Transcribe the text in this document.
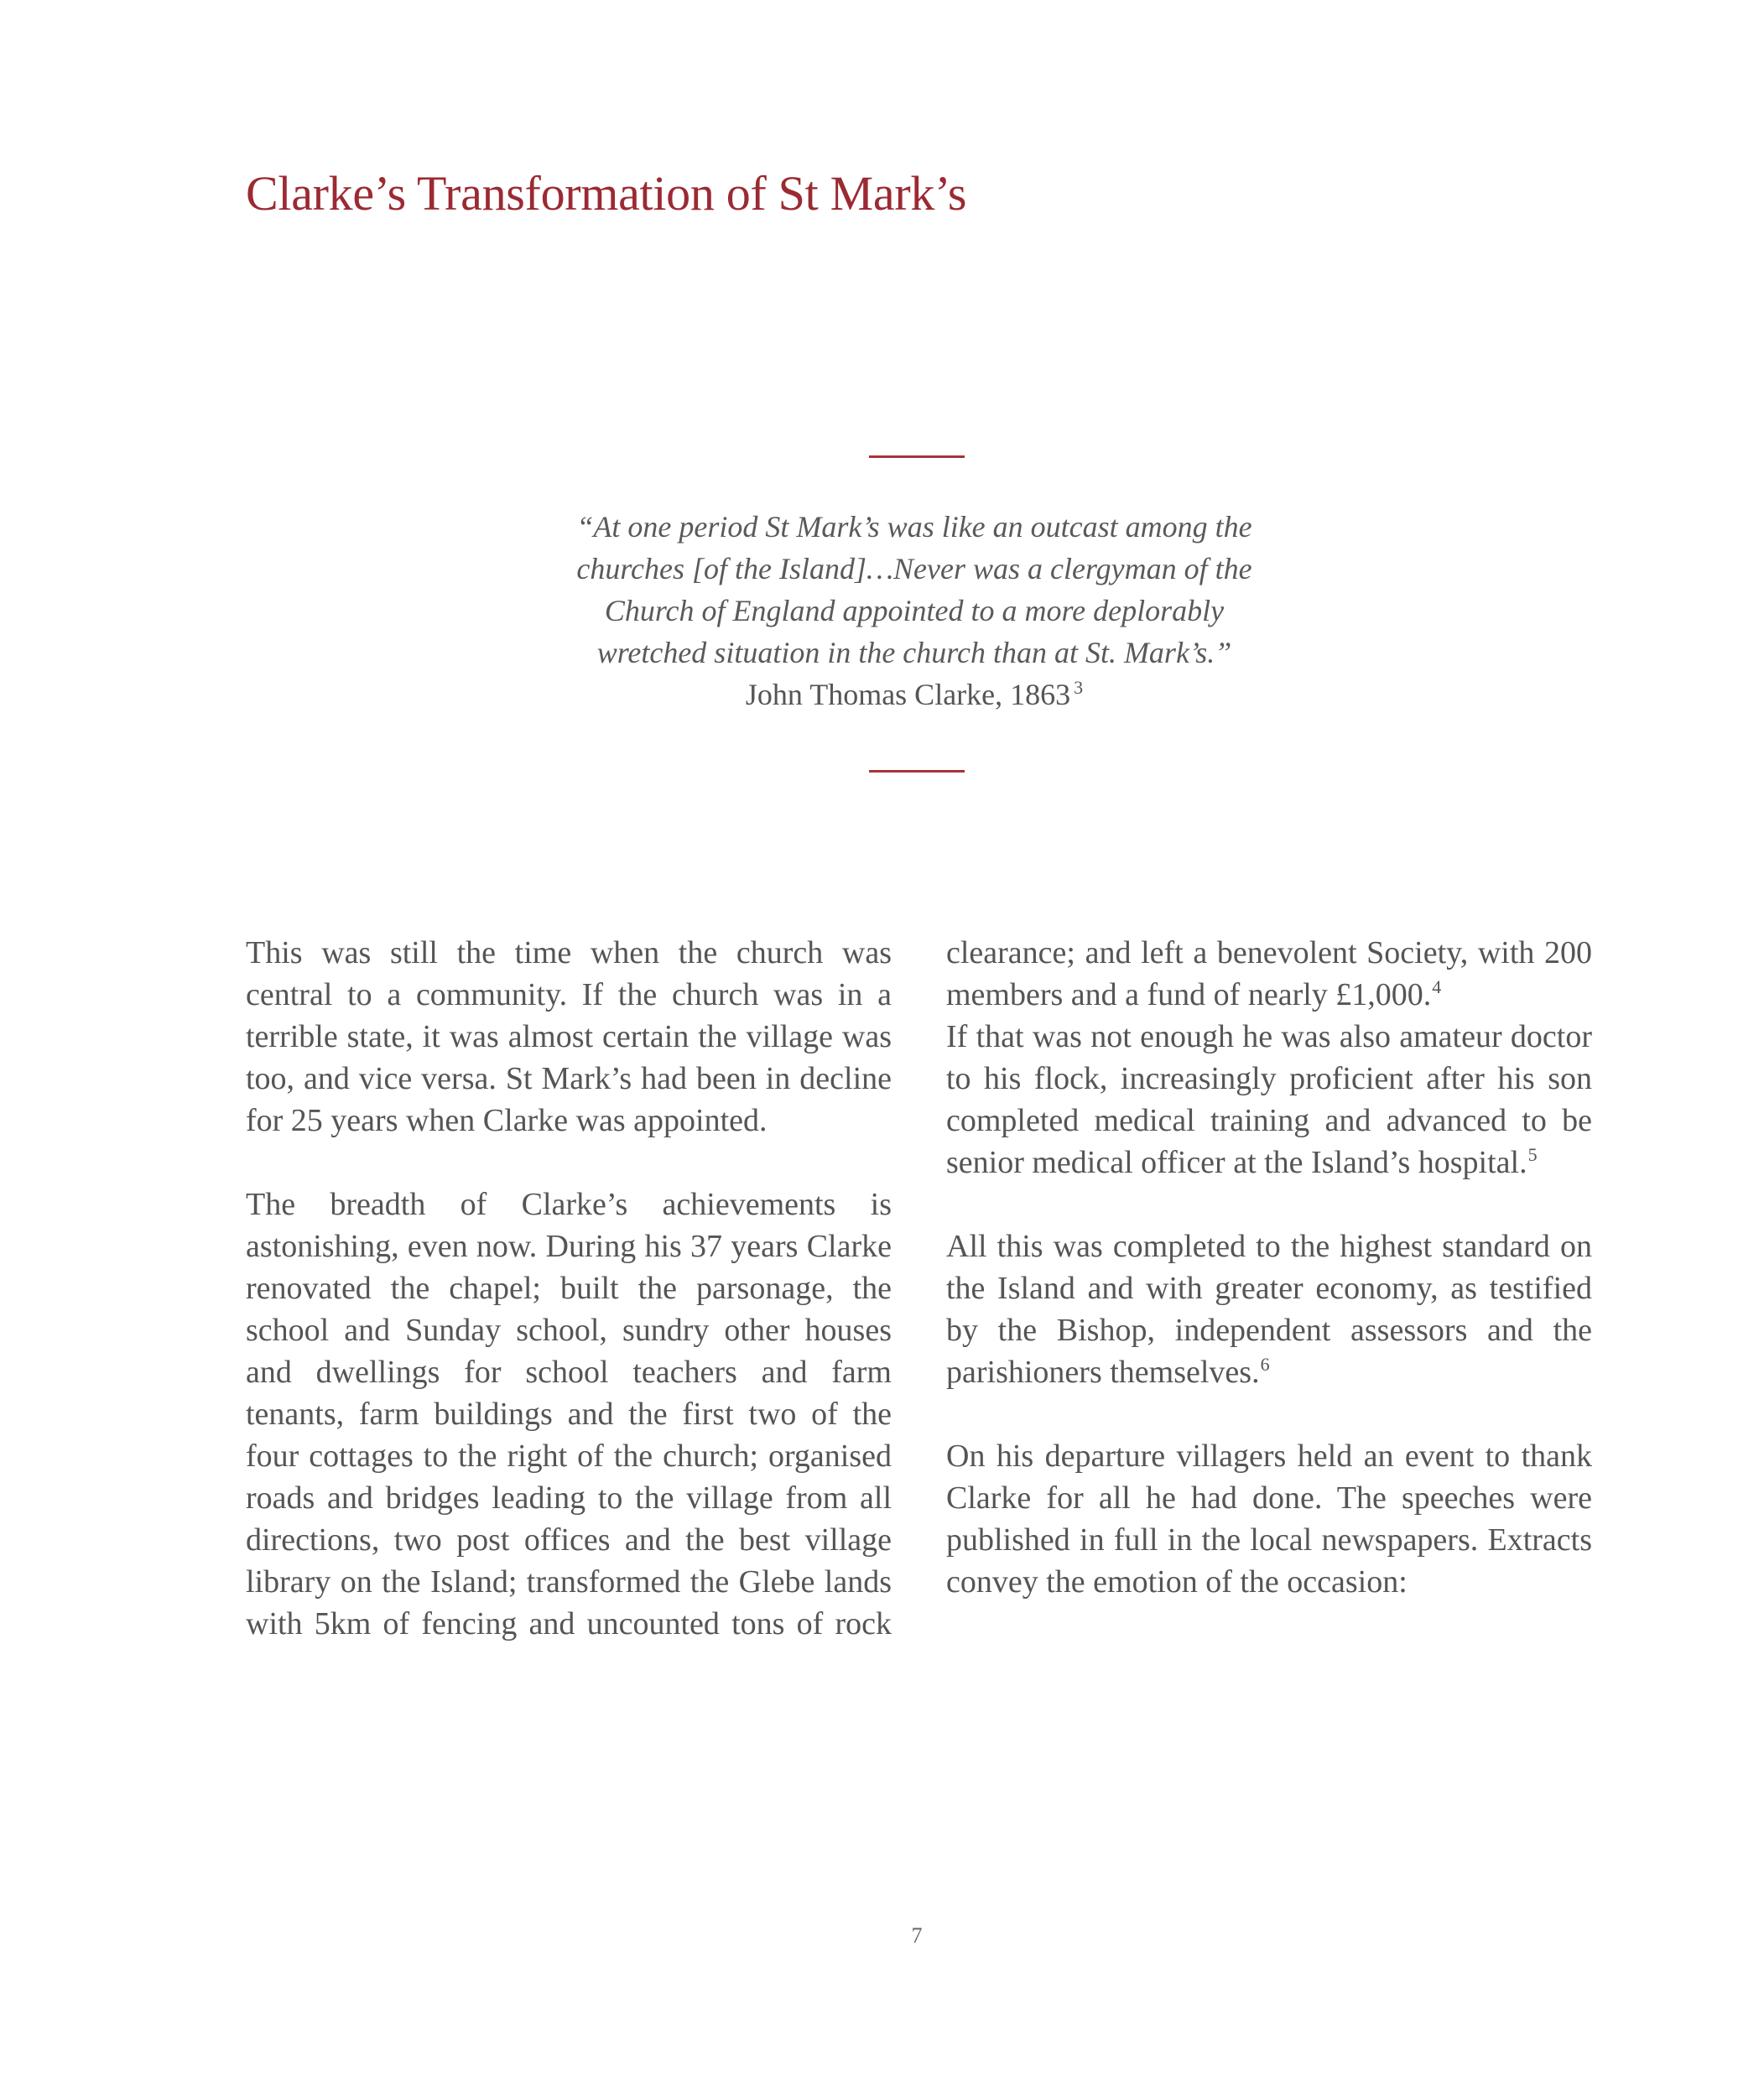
Clarke’s Transformation of St Mark’s
“At one period St Mark’s was like an outcast among the
churches [of the Island]…Never was a clergyman of the
Church of England appointed to a more deplorably
wretched situation in the church than at St. Mark’s.”
John Thomas Clarke, 1863 $^3$

This was still the time when the church was central to a community. If the church was in a terrible state, it was almost certain the village was too, and vice versa. St Mark’s had been in decline for 25 years when Clarke was appointed.

The breadth of Clarke’s achievements is astonishing, even now. During his 37 years Clarke renovated the chapel; built the parsonage, the school and Sunday school, sundry other houses and dwellings for school teachers and farm tenants, farm buildings and the first two of the four cottages to the right of the church; organised roads and bridges leading to the village from all directions, two post offices and the best village library on the Island; transformed the Glebe lands with 5km of fencing and uncounted tons of rock

clearance; and left a benevolent Society, with 200 members and a fund of nearly £1,000.$^4$

If that was not enough he was also amateur doctor to his flock, increasingly proficient after his son completed medical training and advanced to be senior medical officer at the Island’s hospital.$^5$

All this was completed to the highest standard on the Island and with greater economy, as testified by the Bishop, independent assessors and the parishioners themselves.$^6$

On his departure villagers held an event to thank Clarke for all he had done. The speeches were published in full in the local newspapers. Extracts convey the emotion of the occasion:

7
